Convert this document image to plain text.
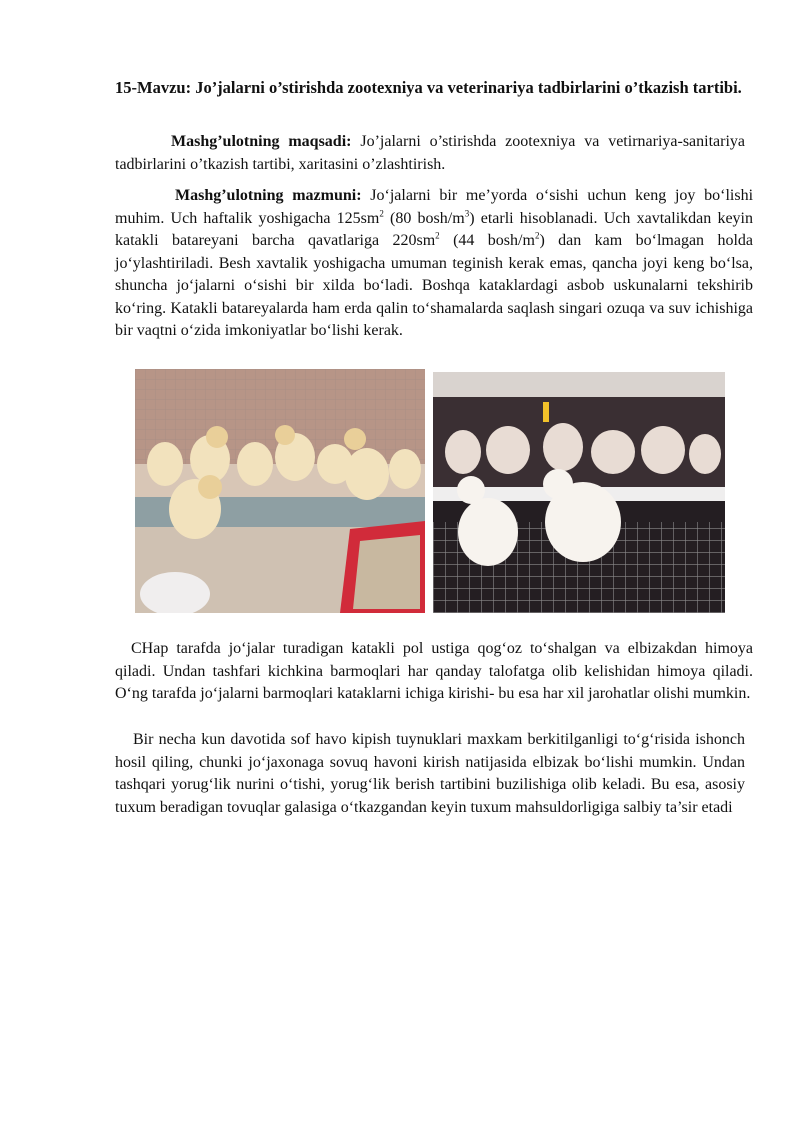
15-Mavzu: Jo’jalarni o’stirishda zootexniya va veterinariya tadbirlarini o’tkazish tartibi.
Mashg’ulotning maqsadi: Jo’jalarni o’stirishda zootexniya va vetirnariya-sanitariya tadbirlarini o’tkazish tartibi, xaritasini o’zlashtirish.
Mashg’ulotning mazmuni: Jo‘jalarni bir me’yorda o‘sishi uchun keng joy bo‘lishi muhim. Uch haftalik yoshigacha $125sm^2$ (80 bosh/$m^3$) etarli hisoblanadi. Uch xavtalikdan keyin katakli batareyani barcha qavatlariga $220sm^2$ (44 bosh/$m^2$) dan kam bo‘lmagan holda jo‘ylashtiriladi. Besh xavtalik yoshigacha umuman teginish kerak emas, qancha joyi keng bo‘lsa, shuncha jo‘jalarni o‘sishi bir xilda bo‘ladi. Boshqa kataklardagi asbob uskunalarni tekshirib ko‘ring. Katakli batareyalarda ham erda qalin to‘shamalarda saqlash singari ozuqa va suv ichishiga bir vaqtni o‘zida imkoniyatlar bo‘lishi kerak.
CHap tarafda jo‘jalar turadigan katakli pol ustiga qog‘oz to‘shalgan va elbizakdan himoya qiladi. Undan tashfari kichkina barmoqlari har qanday talofatga olib kelishidan himoya qiladi. O‘ng tarafda jo‘jalarni barmoqlari kataklarni ichiga kirishi- bu esa har xil jarohatlar olishi mumkin.
Bir necha kun davotida sof havo kipish tuynuklari maxkam berkitilganligi to‘g‘risida ishonch hosil qiling, chunki jo‘jaxonaga sovuq havoni kirish natijasida elbizak bo‘lishi mumkin. Undan tashqari yorug‘lik nurini o‘tishi, yorug‘lik berish tartibini buzilishiga olib keladi. Bu esa, asosiy tuxum beradigan tovuqlar galasiga o‘tkazgandan keyin tuxum mahsuldorligiga salbiy ta’sir etadi
